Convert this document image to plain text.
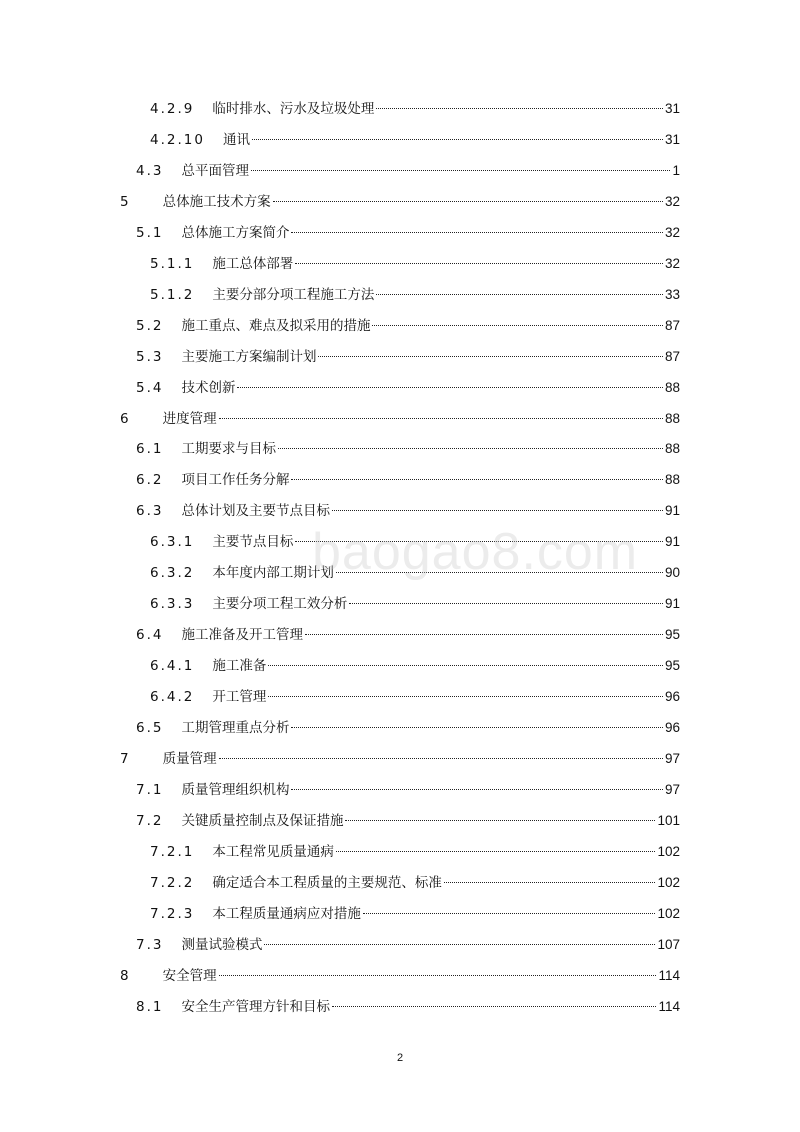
4.2.9 临时排水、污水及垃圾处理	31
4.2.10 通讯	31
4.3 总平面管理	1
5 总体施工技术方案	32
5.1 总体施工方案简介	32
5.1.1 施工总体部署	32
5.1.2 主要分部分项工程施工方法	33
5.2 施工重点、难点及拟采用的措施	87
5.3 主要施工方案编制计划	87
5.4 技术创新	88
6 进度管理	88
6.1 工期要求与目标	88
6.2 项目工作任务分解	88
6.3 总体计划及主要节点目标	91
6.3.1 主要节点目标	91
6.3.2 本年度内部工期计划	90
6.3.3 主要分项工程工效分析	91
6.4 施工准备及开工管理	95
6.4.1 施工准备	95
6.4.2 开工管理	96
6.5 工期管理重点分析	96
7 质量管理	97
7.1 质量管理组织机构	97
7.2 关键质量控制点及保证措施	101
7.2.1 本工程常见质量通病	102
7.2.2 确定适合本工程质量的主要规范、标准	102
7.2.3 本工程质量通病应对措施	102
7.3 测量试验模式	107
8 安全管理	114
8.1 安全生产管理方针和目标	114
baogao8.com
2
